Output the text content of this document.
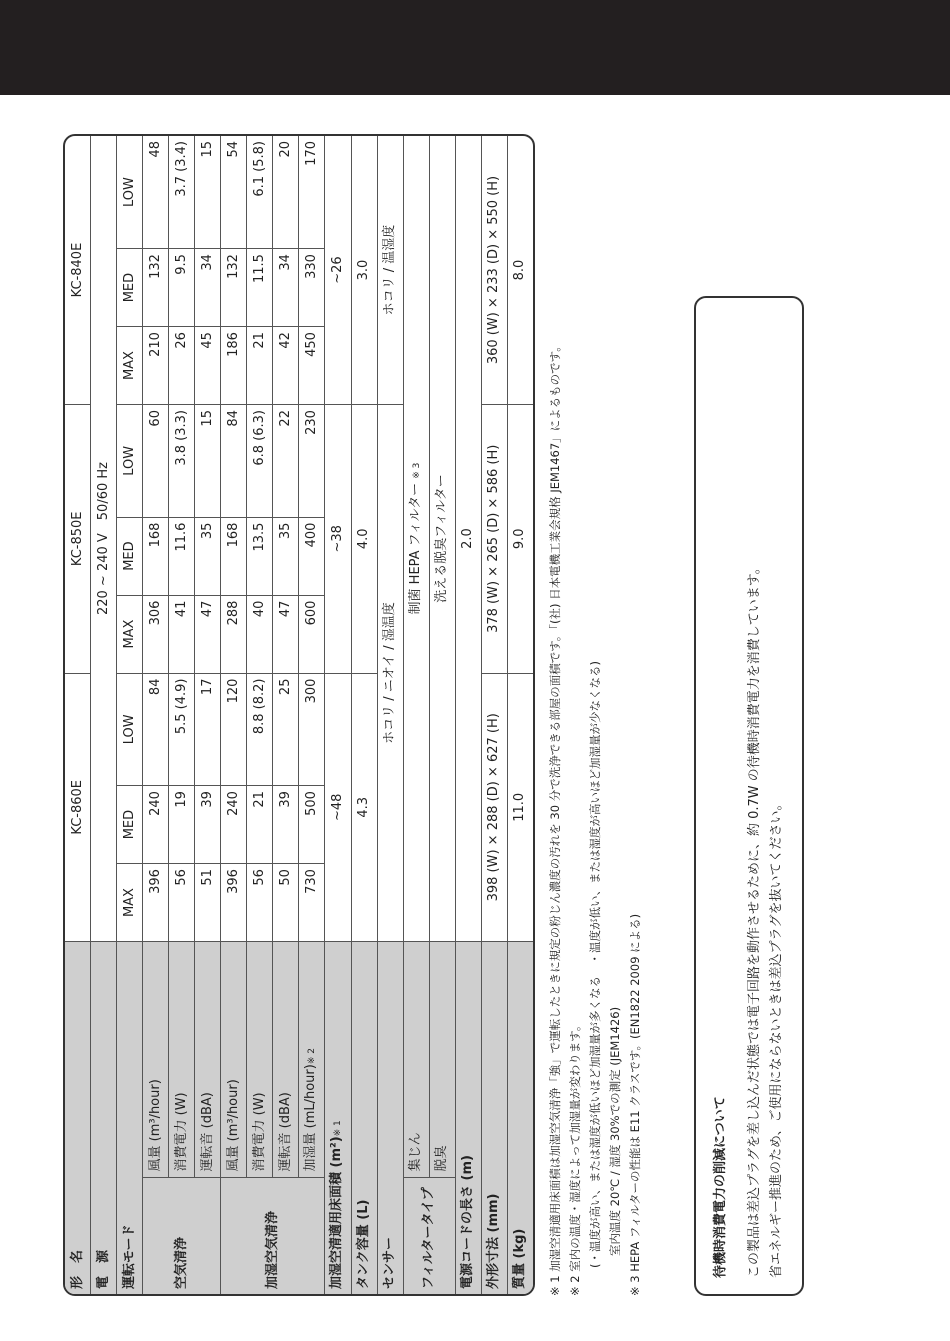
形　名		KC-860E			KC-850E			KC-840E		
電　源		220 ~ 240 V　50/60 Hz								
運転モード		MAX	MED	LOW	MAX	MED	LOW	MAX	MED	LOW
空気清浄	風量 (m³/hour)	396	240	84	306	168	60	210	132	48
	消費電力 (W)	56	19	5.5 (4.9)	41	11.6	3.8 (3.3)	26	9.5	3.7 (3.4)
	運転音 (dBA)	51	39	17	47	35	15	45	34	15
加湿空気清浄	風量 (m³/hour)	396	240	120	288	168	84	186	132	54
	消費電力 (W)	56	21	8.8 (8.2)	40	13.5	6.8 (6.3)	21	11.5	6.1 (5.8)
	運転音 (dBA)	50	39	25	47	35	22	42	34	20
	加湿量 (mL/hour)※ 2	730	500	300	600	400	230	450	330	170
加湿空清適用床面積 (m²)※ 1		~48			~38			~26		
タンク容量 (L)		4.3			4.0			3.0		
センサー		ホコリ / ニオイ / 湿温度						ホコリ / 温湿度		
フィルタータイプ	集じん	制菌 HEPA フィルター ※ 3								
	脱臭	洗える脱臭フィルター								
電源コードの長さ (m)		2.0								
外形寸法 (mm)		398 (W) × 288 (D) × 627 (H)			378 (W) × 265 (D) × 586 (H)			360 (W) × 233 (D) × 550 (H)		
質量 (kg)		11.0			9.0			8.0		
※ 1 加湿空清適用床面積は加湿空気清浄「強」で運転したときに規定の粉じん濃度の汚れを 30 分で洗浄できる部屋の面積です。「(社) 日本電機工業会規格 JEM1467」によるものです。 ※ 2 室内の温度・湿度によって加湿量が変わります。 (・温度が高い、または湿度が低いほど加湿量が多くなる　・温度が低い、または湿度が高いほど加湿量が少なくなる) 室内温度 20℃ / 湿度 30%での測定 (JEM1426) ※ 3 HEPA フィルターの性能は E11 クラスです。(EN1822 2009 による)	待機時消費電力の削減について	この製品は差込プラグを差し込んだ状態では電子回路を動作させるために、約 0.7W の待機時消費電力を消費しています。 省エネルギー推進のため、ご使用にならないときは差込プラグを抜いてください。
